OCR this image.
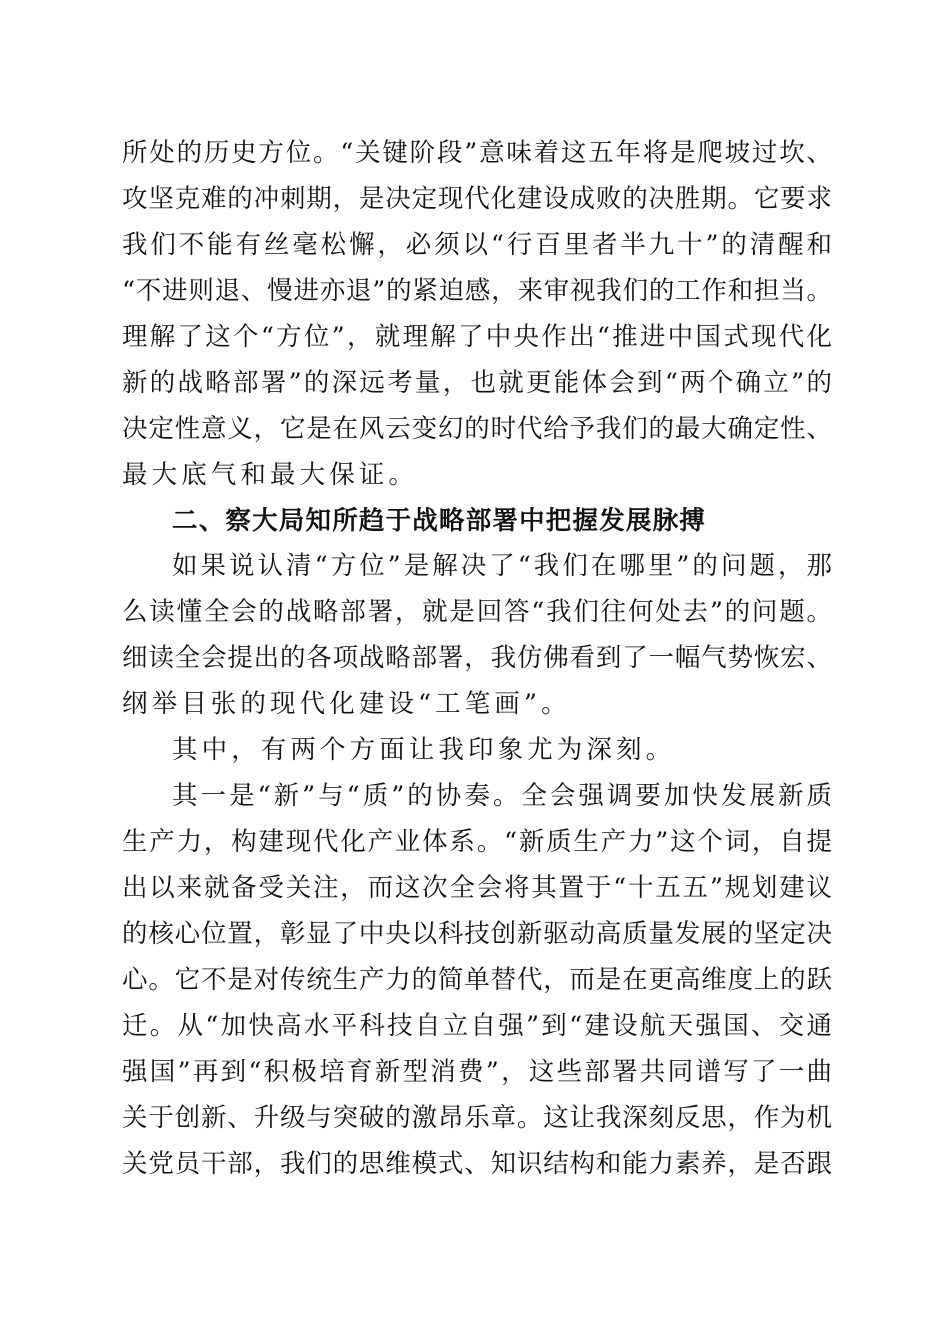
所处的历史方位。“关键阶段”意味着这五年将是爬坡过坎、
攻坚克难的冲刺期，是决定现代化建设成败的决胜期。它要求
我们不能有丝毫松懈，必须以“行百里者半九十”的清醒和
“不进则退、慢进亦退”的紧迫感，来审视我们的工作和担当。
理解了这个“方位”，就理解了中央作出“推进中国式现代化
新的战略部署”的深远考量，也就更能体会到“两个确立”的
决定性意义，它是在风云变幻的时代给予我们的最大确定性、
最大底气和最大保证。
二、察大局知所趋于战略部署中把握发展脉搏
如果说认清“方位”是解决了“我们在哪里”的问题，那
么读懂全会的战略部署，就是回答“我们往何处去”的问题。
细读全会提出的各项战略部署，我仿佛看到了一幅气势恢宏、
纲举目张的现代化建设“工笔画”。
其中，有两个方面让我印象尤为深刻。
其一是“新”与“质”的协奏。全会强调要加快发展新质
生产力，构建现代化产业体系。“新质生产力”这个词，自提
出以来就备受关注，而这次全会将其置于“十五五”规划建议
的核心位置，彰显了中央以科技创新驱动高质量发展的坚定决
心。它不是对传统生产力的简单替代，而是在更高维度上的跃
迁。从“加快高水平科技自立自强”到“建设航天强国、交通
强国”再到“积极培育新型消费”，这些部署共同谱写了一曲
关于创新、升级与突破的激昂乐章。这让我深刻反思，作为机
关党员干部，我们的思维模式、知识结构和能力素养，是否跟
